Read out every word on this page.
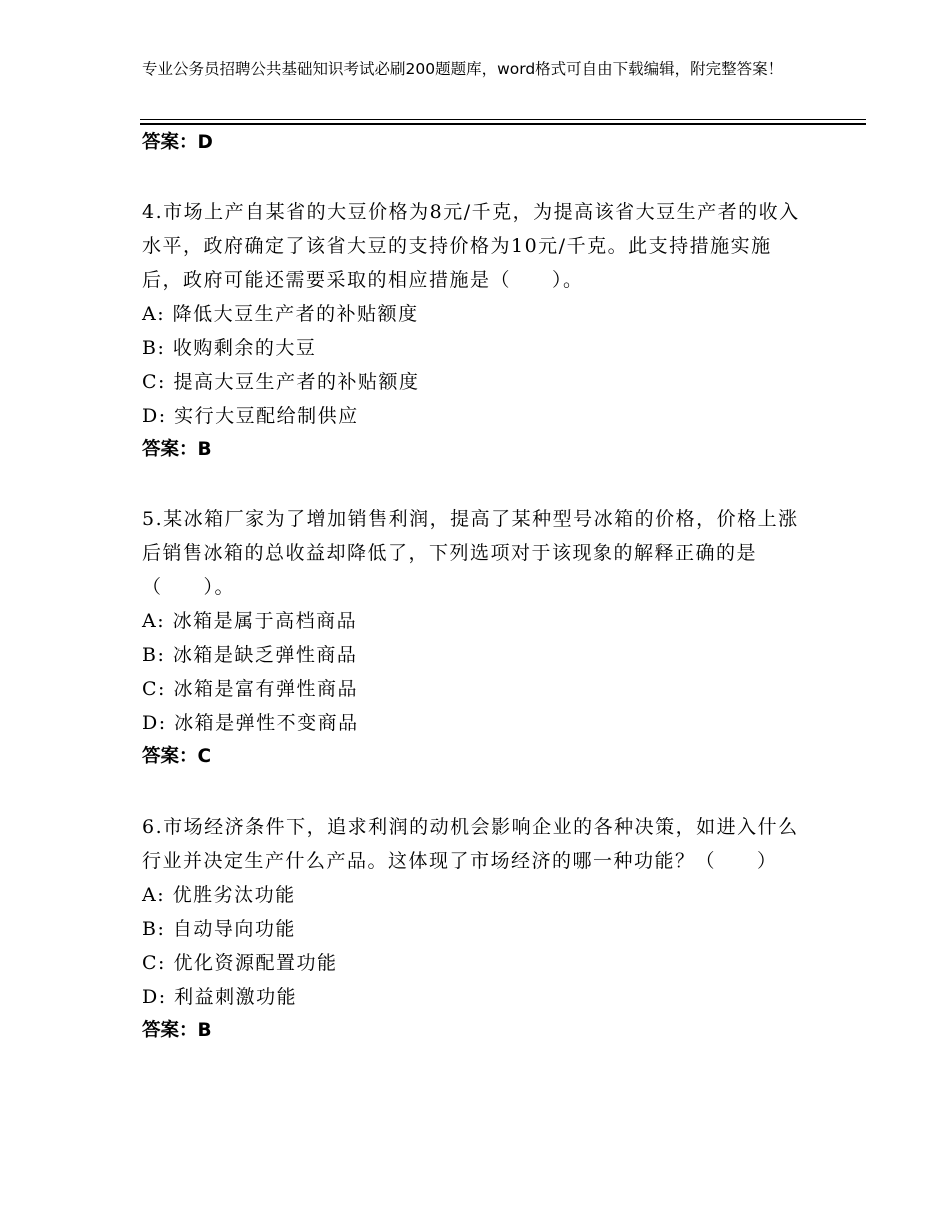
专业公务员招聘公共基础知识考试必刷200题题库，word格式可自由下载编辑，附完整答案！
答案：D

4.市场上产自某省的大豆价格为8元/千克，为提高该省大豆生产者的收入水平，政府确定了该省大豆的支持价格为10元/千克。此支持措施实施后，政府可能还需要采取的相应措施是（　　）。

A: 降低大豆生产者的补贴额度

B: 收购剩余的大豆

C: 提高大豆生产者的补贴额度

D: 实行大豆配给制供应

答案：B

5.某冰箱厂家为了增加销售利润，提高了某种型号冰箱的价格，价格上涨后销售冰箱的总收益却降低了，下列选项对于该现象的解释正确的是（　　）。

A: 冰箱是属于高档商品

B: 冰箱是缺乏弹性商品

C: 冰箱是富有弹性商品

D: 冰箱是弹性不变商品

答案：C

6.市场经济条件下，追求利润的动机会影响企业的各种决策，如进入什么行业并决定生产什么产品。这体现了市场经济的哪一种功能？（　　）

A: 优胜劣汰功能

B: 自动导向功能

C: 优化资源配置功能

D: 利益刺激功能

答案：B
